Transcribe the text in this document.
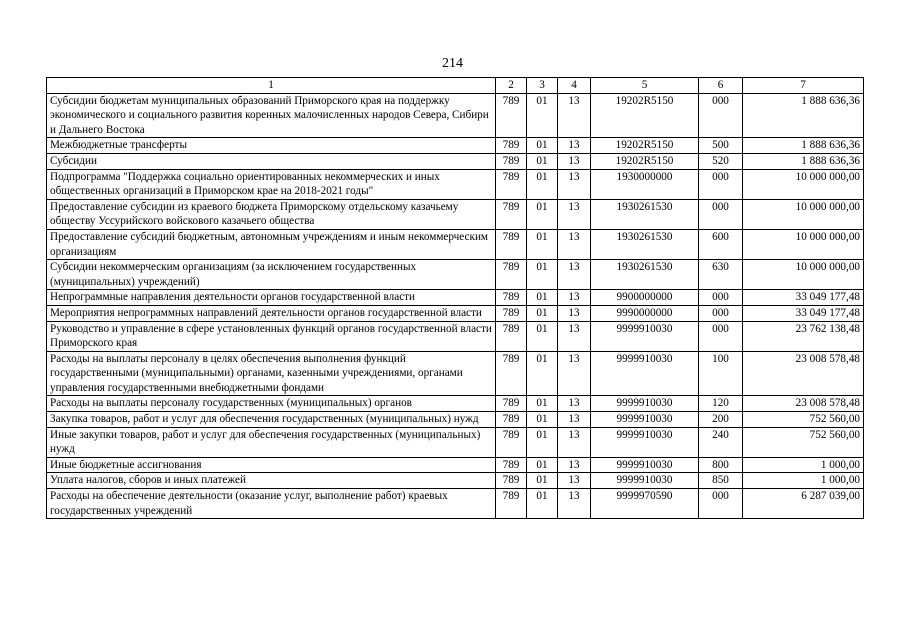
214
1	2	3	4	5	6	7
Субсидии бюджетам муниципальных образований Приморского края на поддержку экономического и социального развития коренных малочисленных народов Севера, Сибири и Дальнего Востока	789	01	13	19202R5150	000	1 888 636,36
Межбюджетные трансферты	789	01	13	19202R5150	500	1 888 636,36
Субсидии	789	01	13	19202R5150	520	1 888 636,36
Подпрограмма "Поддержка социально ориентированных некоммерческих и иных общественных организаций в Приморском крае на 2018-2021 годы"	789	01	13	1930000000	000	10 000 000,00
Предоставление субсидии из краевого бюджета Приморскому отдельскому казачьему обществу Уссурийского войскового казачьего общества	789	01	13	1930261530	000	10 000 000,00
Предоставление субсидий бюджетным, автономным учреждениям и иным некоммерческим организациям	789	01	13	1930261530	600	10 000 000,00
Субсидии некоммерческим организациям (за исключением государственных (муниципальных) учреждений)	789	01	13	1930261530	630	10 000 000,00
Непрограммные направления деятельности органов государственной власти	789	01	13	9900000000	000	33 049 177,48
Мероприятия непрограммных направлений деятельности органов государственной власти	789	01	13	9990000000	000	33 049 177,48
Руководство и управление в сфере установленных функций органов государственной власти Приморского края	789	01	13	9999910030	000	23 762 138,48
Расходы на выплаты персоналу в целях обеспечения выполнения функций государственными (муниципальными) органами, казенными учреждениями, органами управления государственными внебюджетными фондами	789	01	13	9999910030	100	23 008 578,48
Расходы на выплаты персоналу государственных (муниципальных) органов	789	01	13	9999910030	120	23 008 578,48
Закупка товаров, работ и услуг для обеспечения государственных (муниципальных) нужд	789	01	13	9999910030	200	752 560,00
Иные закупки товаров, работ и услуг для обеспечения государственных (муниципальных) нужд	789	01	13	9999910030	240	752 560,00
Иные бюджетные ассигнования	789	01	13	9999910030	800	1 000,00
Уплата налогов, сборов и иных платежей	789	01	13	9999910030	850	1 000,00
Расходы на обеспечение деятельности (оказание услуг, выполнение работ) краевых государственных учреждений	789	01	13	9999970590	000	6 287 039,00
